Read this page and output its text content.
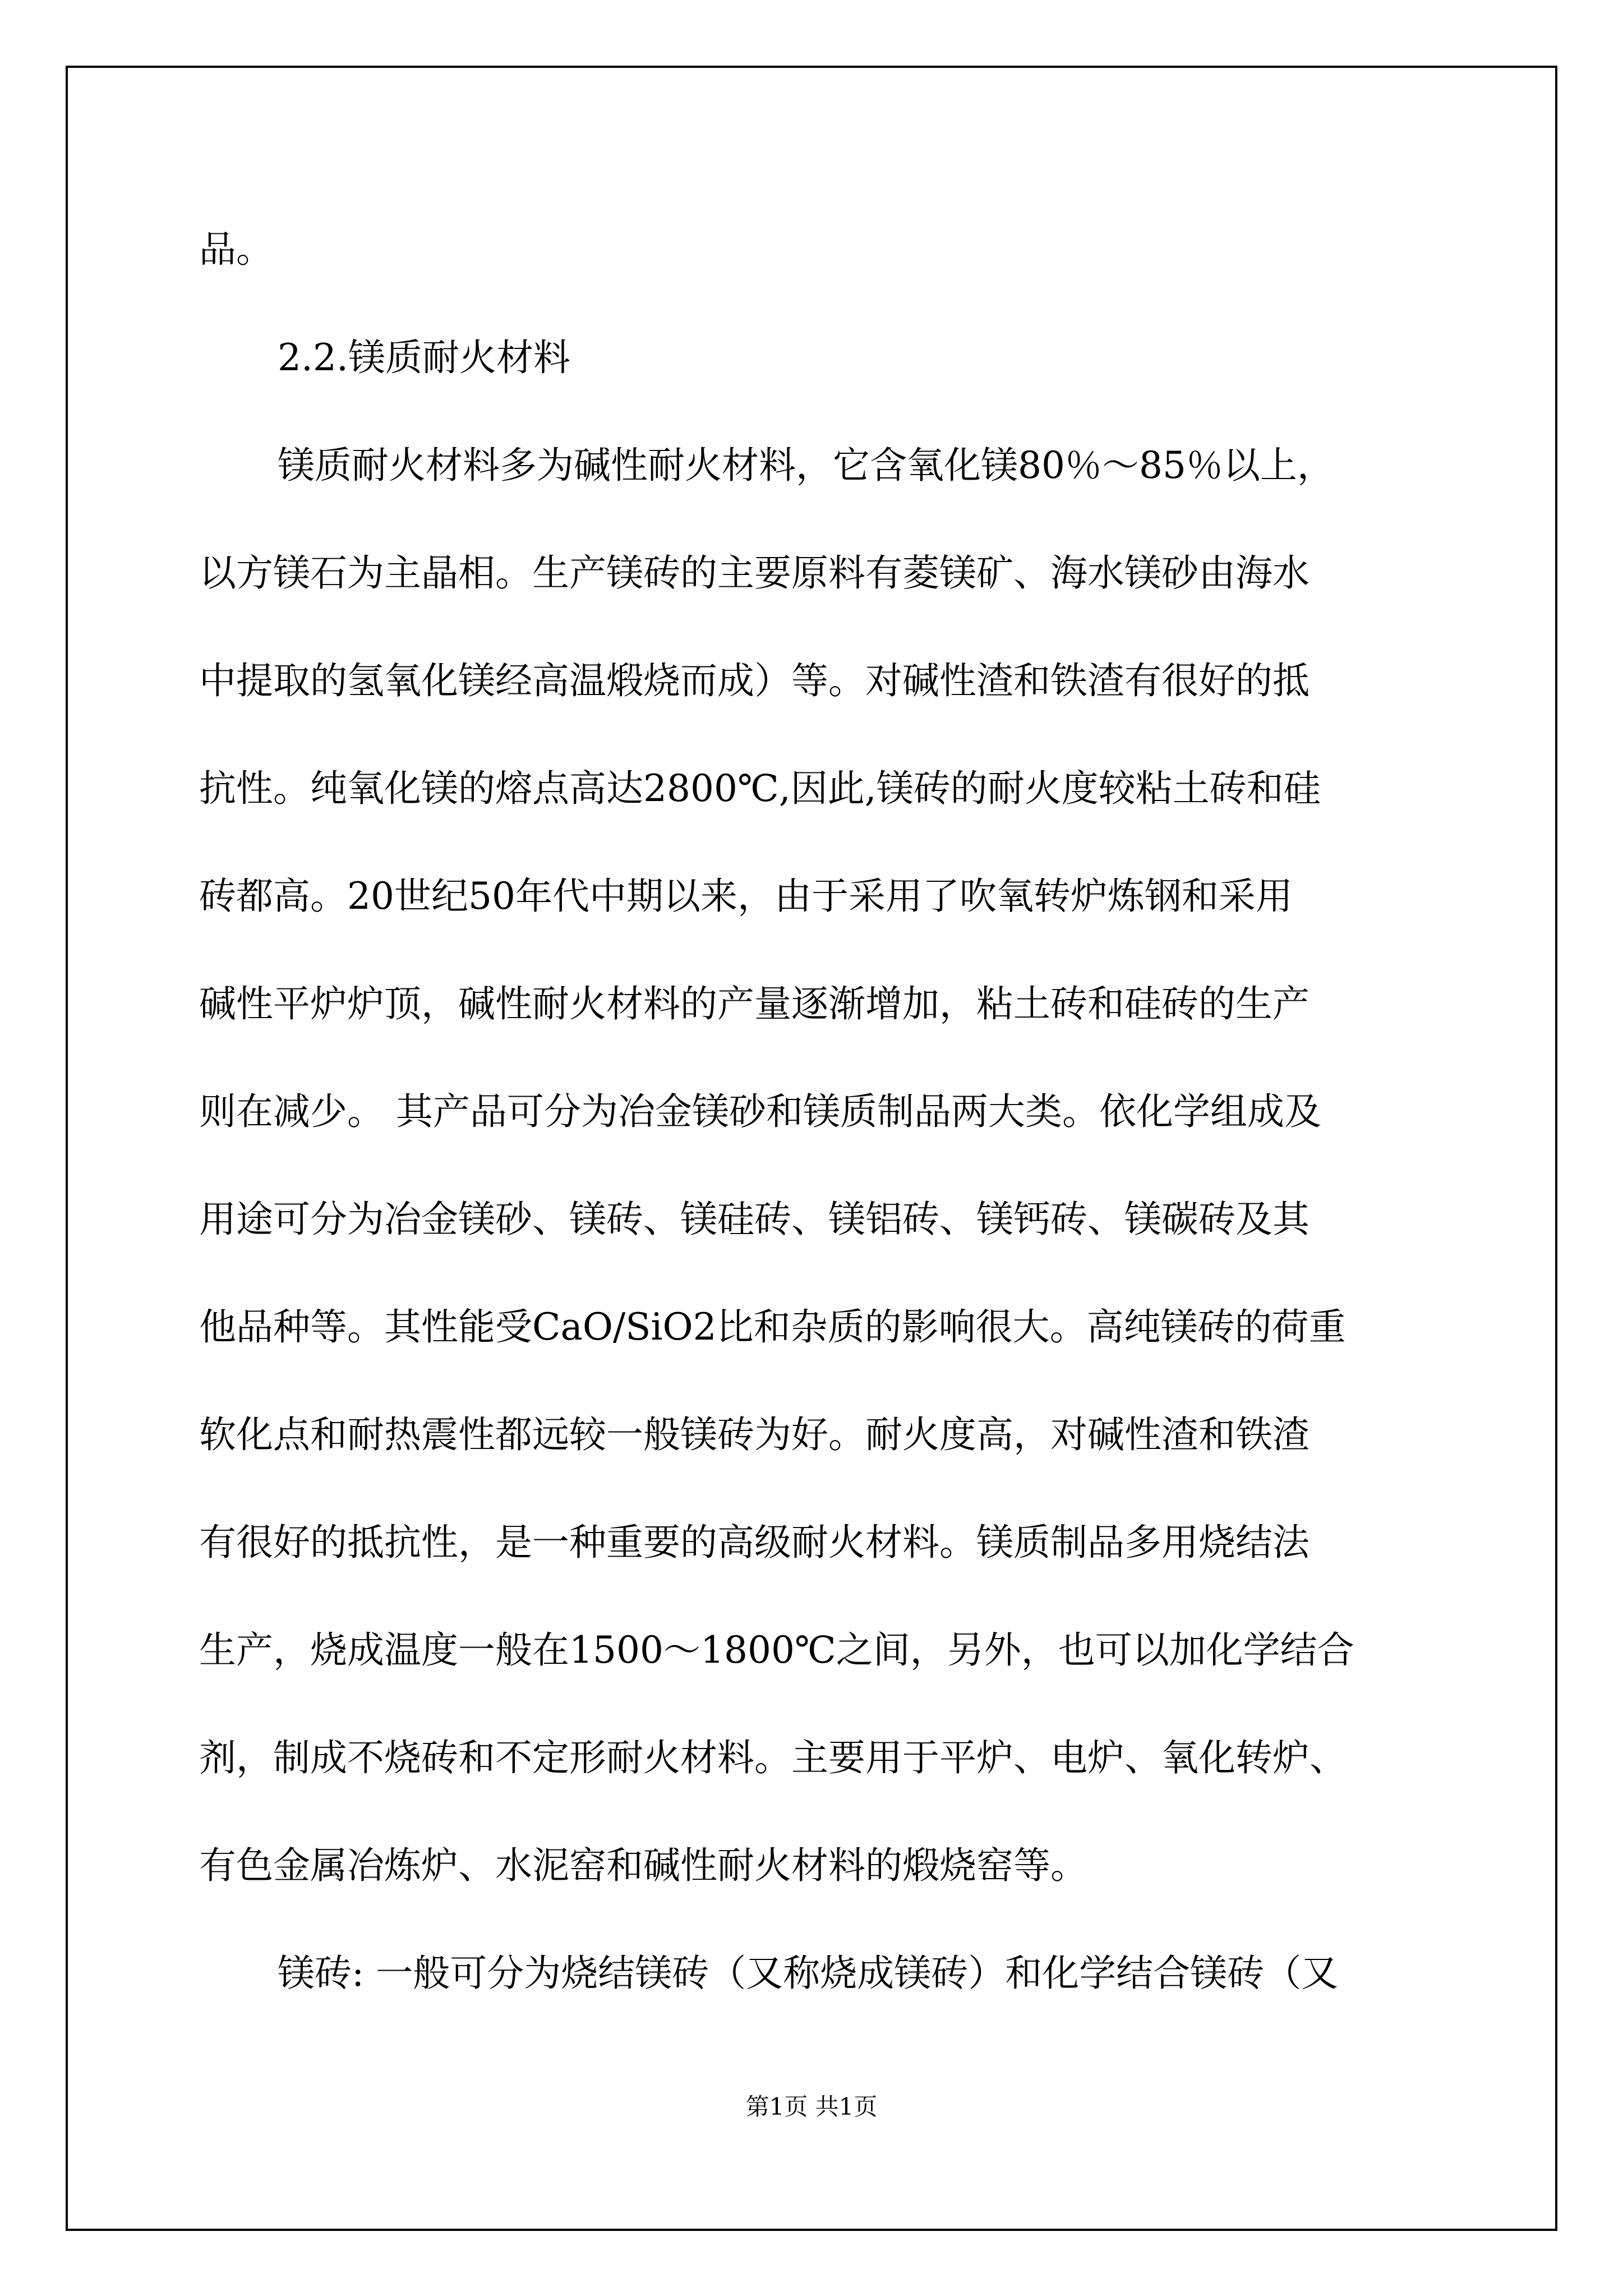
品。
2.2.镁质耐火材料
镁质耐火材料多为碱性耐火材料，它含氧化镁80％～85％以上，
以方镁石为主晶相。生产镁砖的主要原料有菱镁矿、海水镁砂由海水
中提取的氢氧化镁经高温煅烧而成）等。对碱性渣和铁渣有很好的抵
抗性。纯氧化镁的熔点高达2800℃,因此,镁砖的耐火度较粘土砖和硅
砖都高。20世纪50年代中期以来，由于采用了吹氧转炉炼钢和采用
碱性平炉炉顶，碱性耐火材料的产量逐渐增加，粘土砖和硅砖的生产
则在减少。 其产品可分为冶金镁砂和镁质制品两大类。依化学组成及
用途可分为冶金镁砂、镁砖、镁硅砖、镁铝砖、镁钙砖、镁碳砖及其
他品种等。其性能受CaO/SiO2比和杂质的影响很大。高纯镁砖的荷重
软化点和耐热震性都远较一般镁砖为好。耐火度高，对碱性渣和铁渣
有很好的抵抗性，是一种重要的高级耐火材料。镁质制品多用烧结法
生产，烧成温度一般在1500～1800℃之间，另外，也可以加化学结合
剂，制成不烧砖和不定形耐火材料。主要用于平炉、电炉、氧化转炉、
有色金属冶炼炉、水泥窑和碱性耐火材料的煅烧窑等。
镁砖: 一般可分为烧结镁砖（又称烧成镁砖）和化学结合镁砖（又
第1页 共1页
